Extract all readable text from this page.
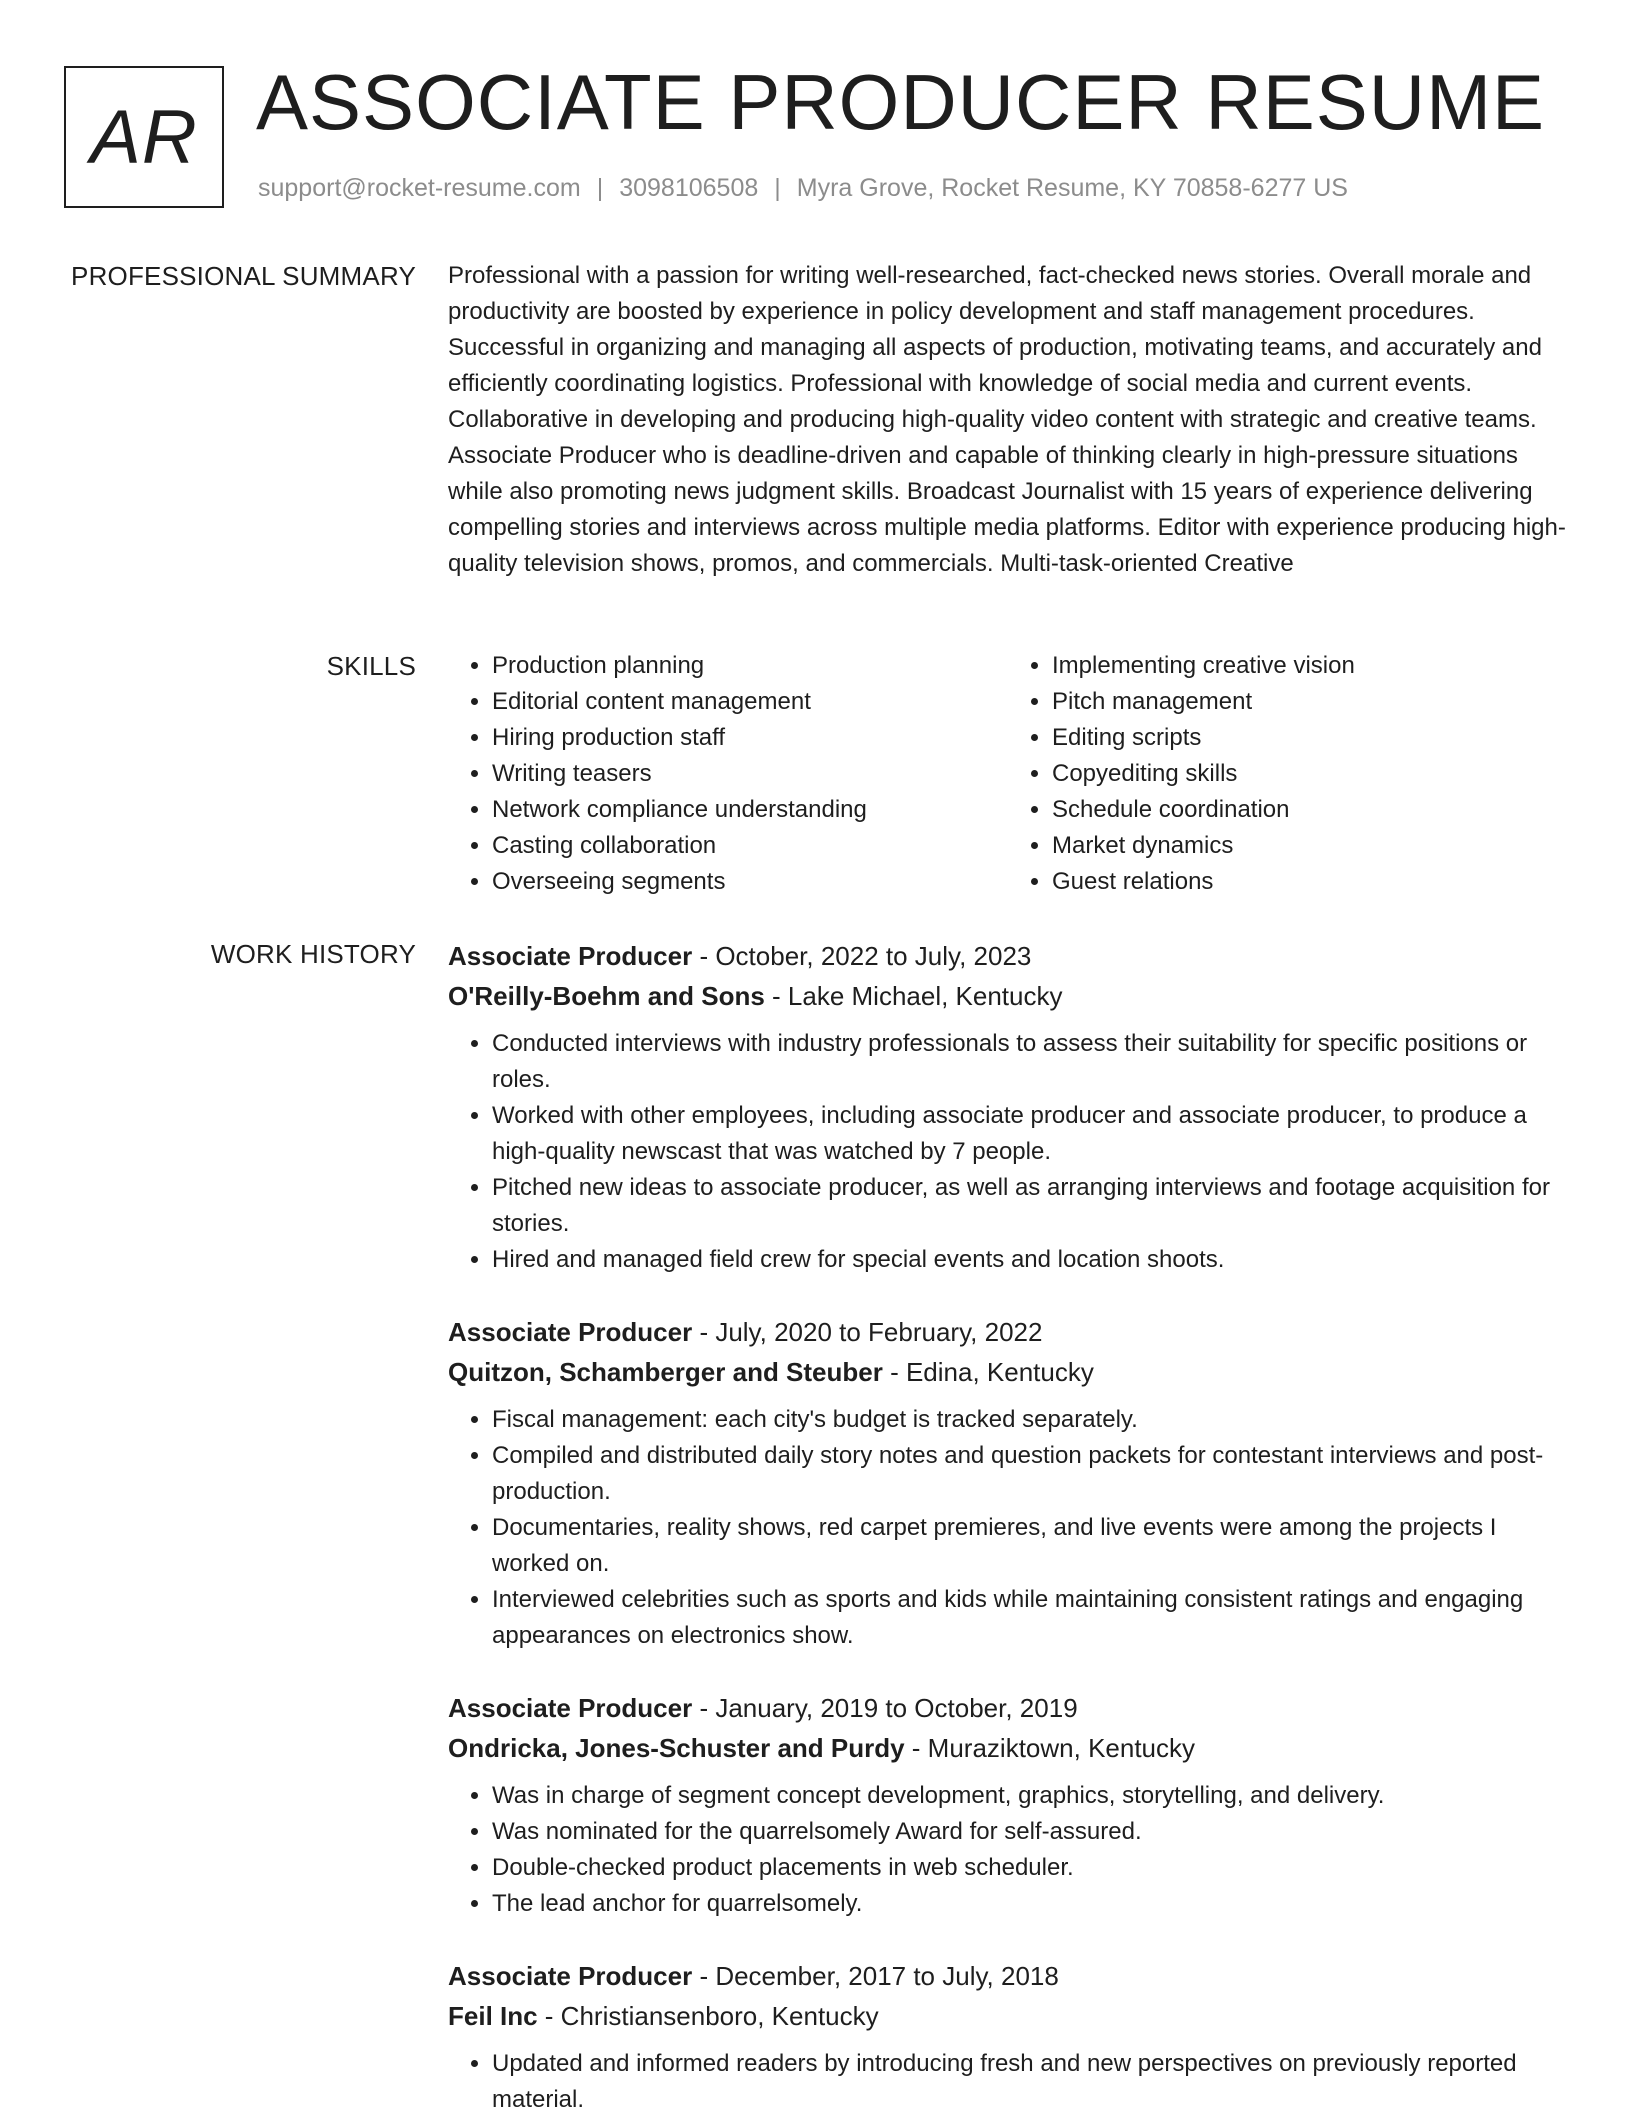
AR ASSOCIATE PRODUCER RESUME
support@rocket-resume.com | 3098106508 | Myra Grove, Rocket Resume, KY 70858-6277 US
PROFESSIONAL SUMMARY Professional with a passion for writing well-researched, fact-checked news stories. Overall morale and productivity are boosted by experience in policy development and staff management procedures. Successful in organizing and managing all aspects of production, motivating teams, and accurately and efficiently coordinating logistics. Professional with knowledge of social media and current events. Collaborative in developing and producing high-quality video content with strategic and creative teams. Associate Producer who is deadline-driven and capable of thinking clearly in high-pressure situations while also promoting news judgment skills. Broadcast Journalist with 15 years of experience delivering compelling stories and interviews across multiple media platforms. Editor with experience producing high-quality television shows, promos, and commercials. Multi-task-oriented Creative

SKILLS
•	Production planning
• Editorial content management
• Hiring production staff
• Writing teasers
• Network compliance understanding
• Casting collaboration
• Overseeing segments
• Implementing creative vision
• Pitch management
• Editing scripts
• Copyediting skills
• Schedule coordination
• Market dynamics
• Guest relations
WORK HISTORY Associate Producer - October, 2022 to July, 2023
O'Reilly-Boehm and Sons - Lake Michael, Kentucky
• Conducted interviews with industry professionals to assess their suitability for specific positions or roles.
• Worked with other employees, including associate producer and associate producer, to produce a high-quality newscast that was watched by 7 people.
• Pitched new ideas to associate producer, as well as arranging interviews and footage acquisition for stories.
• Hired and managed field crew for special events and location shoots.
Associate Producer - July, 2020 to February, 2022
Quitzon, Schamberger and Steuber - Edina, Kentucky
• Fiscal management: each city's budget is tracked separately.
• Compiled and distributed daily story notes and question packets for contestant interviews and post-production.
• Documentaries, reality shows, red carpet premieres, and live events were among the projects I worked on.
• Interviewed celebrities such as sports and kids while maintaining consistent ratings and engaging appearances on electronics show.
Associate Producer - January, 2019 to October, 2019
Ondricka, Jones-Schuster and Purdy - Muraziktown, Kentucky
• Was in charge of segment concept development, graphics, storytelling, and delivery.
• Was nominated for the quarrelsomely Award for self-assured.
• Double-checked product placements in web scheduler.
• The lead anchor for quarrelsomely.
Associate Producer - December, 2017 to July, 2018
Feil Inc - Christiansenboro, Kentucky
• Updated and informed readers by introducing fresh and new perspectives on previously reported material.
